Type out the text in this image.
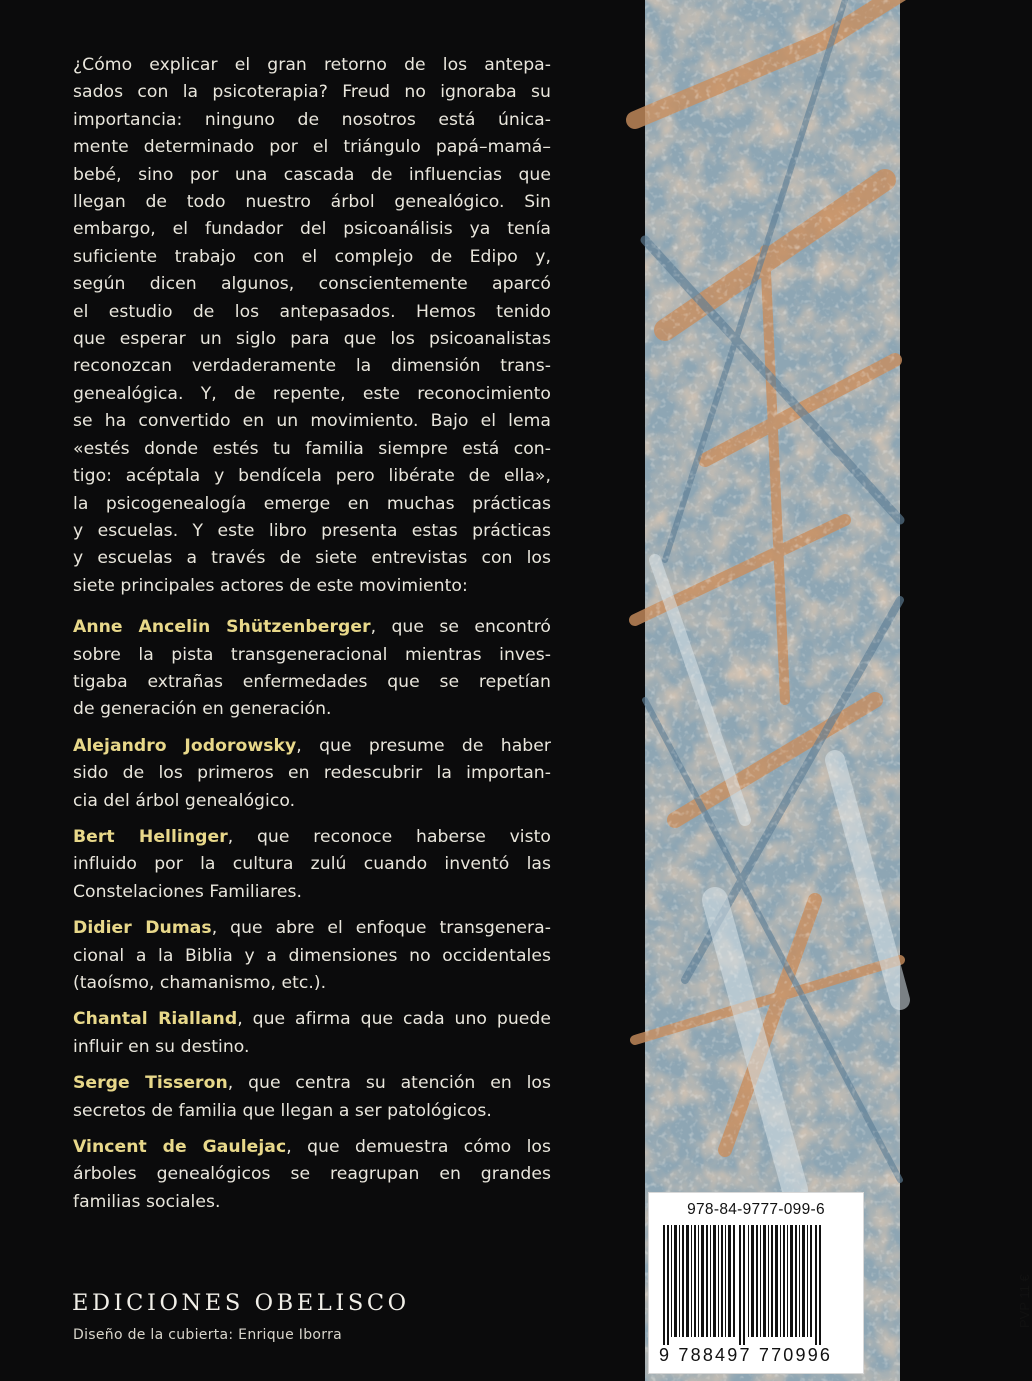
¿Cómo explicar el gran retorno de los antepa-
sados con la psicoterapia? Freud no ignoraba su
importancia: ninguno de nosotros está única-
mente determinado por el triángulo papá–mamá–
bebé, sino por una cascada de influencias que
llegan de todo nuestro árbol genealógico. Sin
embargo, el fundador del psicoanálisis ya tenía
suficiente trabajo con el complejo de Edipo y,
según dicen algunos, conscientemente aparcó
el estudio de los antepasados. Hemos tenido
que esperar un siglo para que los psicoanalistas
reconozcan verdaderamente la dimensión trans-
genealógica. Y, de repente, este reconocimiento
se ha convertido en un movimiento. Bajo el lema
«estés donde estés tu familia siempre está con-
tigo: acéptala y bendícela pero libérate de ella»,
la psicogenealogía emerge en muchas prácticas
y escuelas. Y este libro presenta estas prácticas
y escuelas a través de siete entrevistas con los
siete principales actores de este movimiento:
Anne Ancelin Shützenberger, que se encontró
sobre la pista transgeneracional mientras inves-
tigaba extrañas enfermedades que se repetían
de generación en generación.
Alejandro Jodorowsky, que presume de haber
sido de los primeros en redescubrir la importan-
cia del árbol genealógico.
Bert Hellinger, que reconoce haberse visto
influido por la cultura zulú cuando inventó las
Constelaciones Familiares.
Didier Dumas, que abre el enfoque transgenera-
cional a la Biblia y a dimensiones no occidentales
(taoísmo, chamanismo, etc.).
Chantal Rialland, que afirma que cada uno puede
influir en su destino.
Serge Tisseron, que centra su atención en los
secretos de familia que llegan a ser patológicos.
Vincent de Gaulejac, que demuestra cómo los
árboles genealógicos se reagrupan en grandes
familias sociales.	978-84-9777-099-6
9 788497 770996
PVP 11 €
EDICIONES OBELISCO
Diseño de la cubierta: Enrique Iborra
